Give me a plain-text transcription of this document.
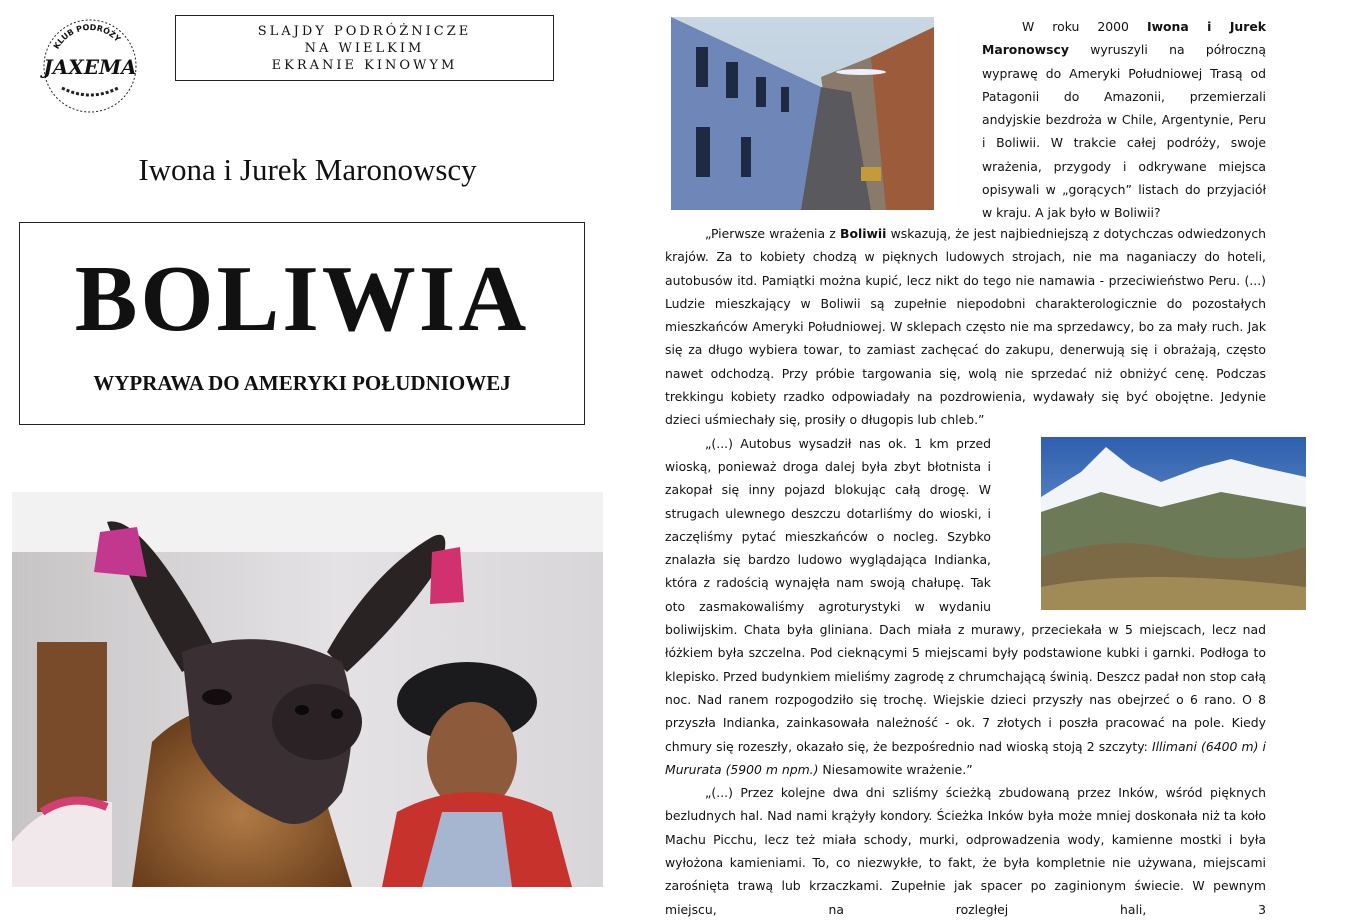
KLUB PODRÓŻY
JAXEMA
SLAJDY PODRÓŻNICZE
NA WIELKIM
EKRANIE KINOWYM
Iwona i Jurek Maronowscy
BOLIWIA
WYPRAWA DO AMERYKI POŁUDNIOWEJ

W roku 2000 Iwona i Jurek Maronowscy wyruszyli na półroczną wyprawę do Ameryki Południowej Trasą od Patagonii do Amazonii, przemierzali andyjskie bezdroża w Chile, Argentynie, Peru i Boliwii. W trakcie całej podróży, swoje wrażenia, przygody i odkrywane miejsca opisywali w „gorących” listach do przyjaciół w kraju. A jak było w Boliwii?

„Pierwsze wrażenia z Boliwii wskazują, że jest najbiedniejszą z dotychczas odwiedzonych krajów. Za to kobiety chodzą w pięknych ludowych strojach, nie ma naganiaczy do hoteli, autobusów itd. Pamiątki można kupić, lecz nikt do tego nie namawia - przeciwieństwo Peru. (...) Ludzie mieszkający w Boliwii są zupełnie niepodobni charakterologicznie do pozostałych mieszkańców Ameryki Południowej. W sklepach często nie ma sprzedawcy, bo za mały ruch. Jak się za długo wybiera towar, to zamiast zachęcać do zakupu, denerwują się i obrażają, często nawet odchodzą. Przy próbie targowania się, wolą nie sprzedać niż obniżyć cenę. Podczas trekkingu kobiety rzadko odpowiadały na pozdrowienia, wydawały się być obojętne. Jedynie dzieci uśmiechały się, prosiły o długopis lub chleb.”

„(...) Autobus wysadził nas ok. 1 km przed wioską, ponieważ droga dalej była zbyt błotnista i zakopał się inny pojazd blokując całą drogę. W strugach ulewnego deszczu dotarliśmy do wioski, i zaczęliśmy pytać mieszkańców o nocleg. Szybko znalazła się bardzo ludowo wyglądająca Indianka, która z radością wynajęła nam swoją chałupę. Tak oto zasmakowaliśmy agroturystyki w wydaniu boliwijskim. Chata była gliniana. Dach miała z murawy, przeciekała w 5 miejscach, lecz nad łóżkiem była szczelna. Pod cieknącymi 5 miejscami były podstawione kubki i garnki. Podłoga to klepisko. Przed budynkiem mieliśmy zagrodę z chrumchającą świnią. Deszcz padał non stop całą noc. Nad ranem rozpogodziło się trochę. Wiejskie dzieci przyszły nas obejrzeć o 6 rano. O 8 przyszła Indianka, zainkasowała należność - ok. 7 złotych i poszła pracować na pole. Kiedy chmury się rozeszły, okazało się, że bezpośrednio nad wioską stoją 2 szczyty: Illimani (6400 m) i Mururata (5900 m npm.) Niesamowite wrażenie.”

„(...) Przez kolejne dwa dni szliśmy ścieżką zbudowaną przez Inków, wśród pięknych bezludnych hal. Nad nami krążyły kondory. Ścieżka Inków była może mniej doskonała niż ta koło Machu Picchu, lecz też miała schody, murki, odprowadzenia wody, kamienne mostki i była wyłożona kamieniami. To, co niezwykłe, to fakt, że była kompletnie nie używana, miejscami zarośnięta trawą lub krzaczkami. Zupełnie jak spacer po zaginionym świecie. W pewnym miejscu, na rozległej hali, 3
